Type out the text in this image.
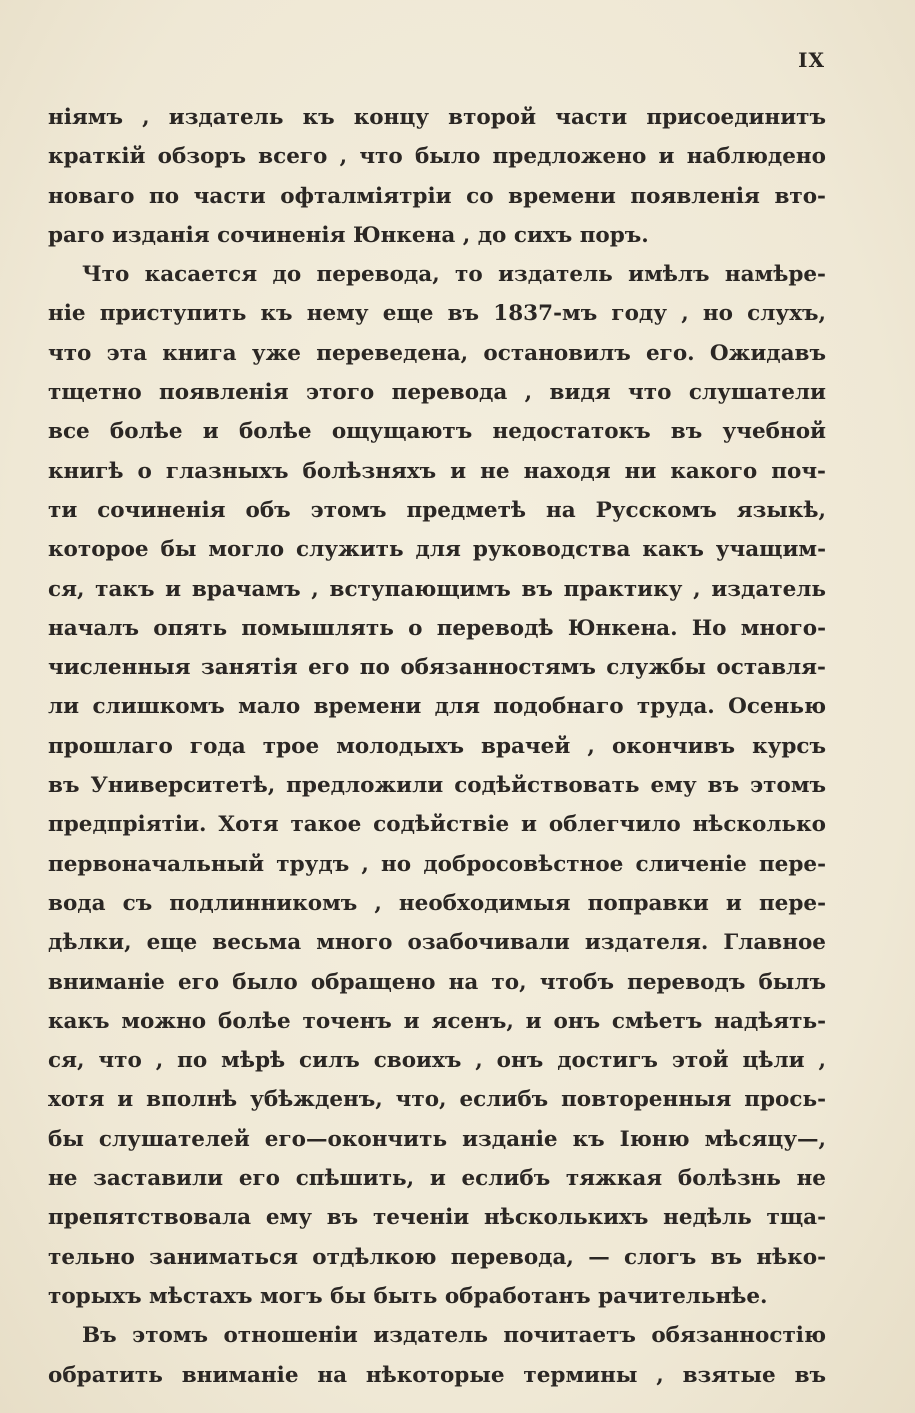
IX
нiямъ , издатель къ концу второй части присоединитъ
краткiй обзоръ всего , что было предложено и наблюдено
новаго по части офталмiятрiи со времени появленiя вто-
раго изданiя сочиненiя Юнкена , до сихъ поръ.
Что касается до перевода, то издатель имѣлъ намѣре-
нiе приступить къ нему еще въ 1837-мъ году , но слухъ,
что эта книга уже переведена, остановилъ его. Ожидавъ
тщетно появленiя этого перевода , видя что слушатели
все болѣе и болѣе ощущаютъ недостатокъ въ учебной
книгѣ о глазныхъ болѣзняхъ и не находя ни какого поч-
ти сочиненiя объ этомъ предметѣ на Русскомъ языкѣ,
которое бы могло служить для руководства какъ учащим-
ся, такъ и врачамъ , вступающимъ въ практику , издатель
началъ опять помышлять о переводѣ Юнкена. Но много-
численныя занятiя его по обязанностямъ службы оставля-
ли слишкомъ мало времени для подобнаго труда. Осенью
прошлаго года трое молодыхъ врачей , окончивъ курсъ
въ Университетѣ, предложили содѣйствовать ему въ этомъ
предпрiятiи. Хотя такое содѣйствiе и облегчило нѣсколько
первоначальный трудъ , но добросовѣстное сличенiе пере-
вода съ подлинникомъ , необходимыя поправки и пере-
дѣлки, еще весьма много озабочивали издателя. Главное
вниманiе его было обращено на то, чтобъ переводъ былъ
какъ можно болѣе точенъ и ясенъ, и онъ смѣетъ надѣять-
ся, что , по мѣрѣ силъ своихъ , онъ достигъ этой цѣли ,
хотя и вполнѣ убѣжденъ, что, еслибъ повторенныя прось-
бы слушателей его—окончить изданiе къ Iюню мѣсяцу—,
не заставили его спѣшить, и еслибъ тяжкая болѣзнь не
препятствовала ему въ теченiи нѣсколькихъ недѣль тща-
тельно заниматься отдѣлкою перевода, — слогъ въ нѣко-
торыхъ мѣстахъ могъ бы быть обработанъ рачительнѣе.
Въ этомъ отношенiи издатель почитаетъ обязанностiю
обратить вниманiе на нѣкоторые термины , взятые въ
